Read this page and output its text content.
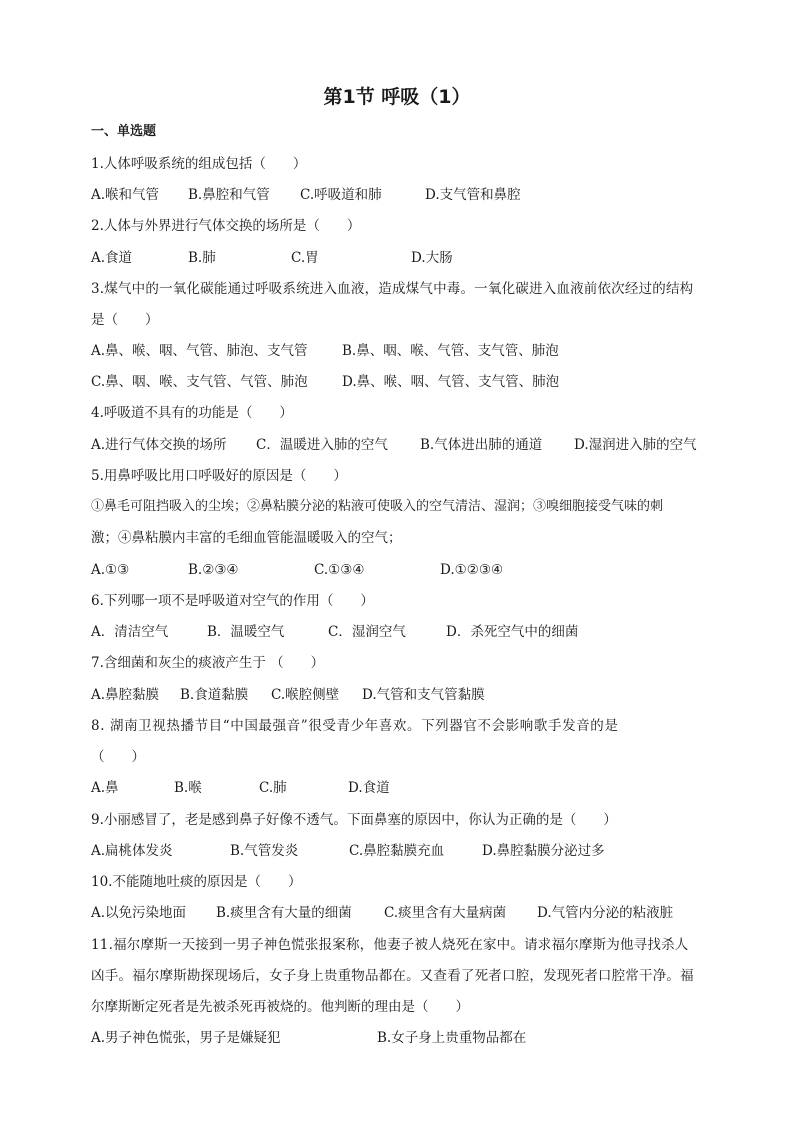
第1节 呼吸（1）
一、单选题
1.人体呼吸系统的组成包括（　　）
A.喉和气管 B.鼻腔和气管 C.呼吸道和肺	D.支气管和鼻腔
2.人体与外界进行气体交换的场所是（　　）
A.食道	B.肺	C.胃	D.大肠
3.煤气中的一氧化碳能通过呼吸系统进入血液，造成煤气中毒。一氧化碳进入血液前依次经过的结构
是（　　）
A.鼻、喉、咽、气管、肺泡、支气管	B.鼻、咽、喉、气管、支气管、肺泡
C.鼻、咽、喉、支气管、气管、肺泡	D.鼻、喉、咽、气管、支气管、肺泡
4.呼吸道不具有的功能是（　　）
A.进行气体交换的场所 C．温暖进入肺的空气 B.气体进出肺的通道 D.湿润进入肺的空气
5.用鼻呼吸比用口呼吸好的原因是（　　）
①鼻毛可阻挡吸入的尘埃；②鼻粘膜分泌的粘液可使吸入的空气清洁、湿润；③嗅细胞接受气味的刺
激；④鼻粘膜内丰富的毛细血管能温暖吸入的空气；
A.①③	B.②③④	C.①③④	D.①②③④
6.下列哪一项不是呼吸道对空气的作用（　　）
A．清洁空气	B．温暖空气	C．湿润空气	D．杀死空气中的细菌
7.含细菌和灰尘的痰液产生于 （　　）
A.鼻腔黏膜 B.食道黏膜 C.喉腔侧壁 D.气管和支气管黏膜
8. 湖南卫视热播节目“中国最强音”很受青少年喜欢。下列器官不会影响歌手发音的是
（　　）
A.鼻	B.喉	C.肺	D.食道
9.小丽感冒了，老是感到鼻子好像不透气。下面鼻塞的原因中，你认为正确的是（　　）
A.扁桃体发炎	B.气管发炎	C.鼻腔黏膜充血	D.鼻腔黏膜分泌过多
10.不能随地吐痰的原因是（　　）
A.以免污染地面 B.痰里含有大量的细菌 C.痰里含有大量病菌 D.气管内分泌的粘液脏
11.福尔摩斯一天接到一男子神色慌张报案称，他妻子被人烧死在家中。请求福尔摩斯为他寻找杀人
凶手。福尔摩斯勘探现场后，女子身上贵重物品都在。又查看了死者口腔，发现死者口腔常干净。福
尔摩斯断定死者是先被杀死再被烧的。他判断的理由是（　　）
A.男子神色慌张，男子是嫌疑犯	B.女子身上贵重物品都在
